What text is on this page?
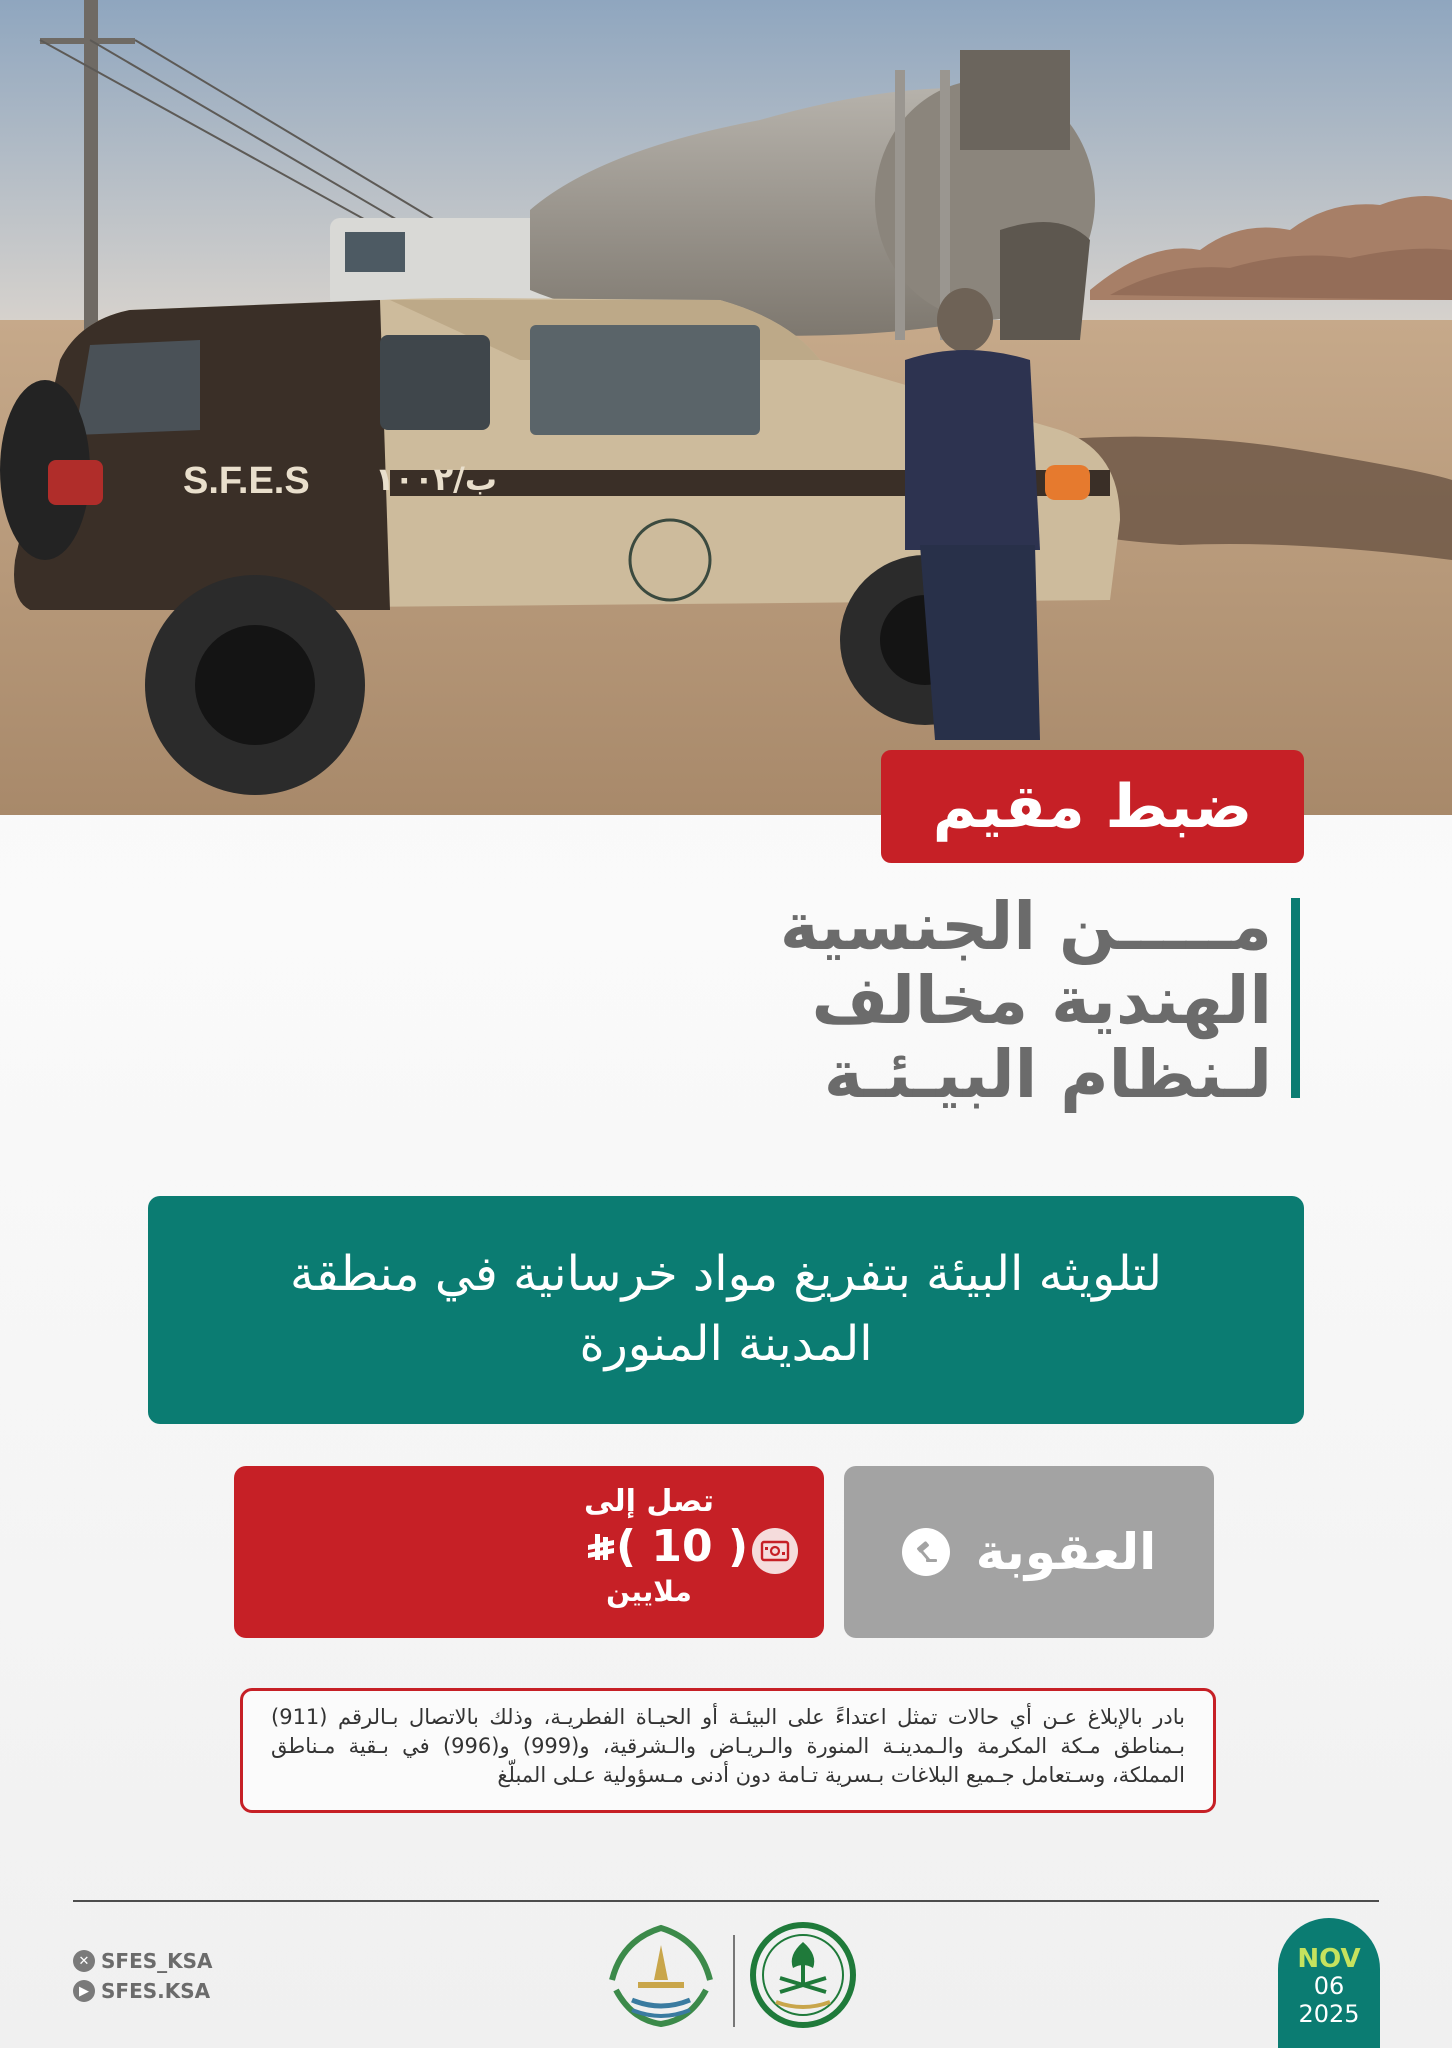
S.F.E.S ب/١٠٠٢
ضبط مقيم
مـــــن الجنسية
الهندية مخالف
لـنظام البيـئـة
لتلويثه البيئة بتفريغ مواد خرسانية في منطقة المدينة المنورة
العقوبة
تصل إلى
( 10 )
ملايين
بادر بالإبلاغ عـن أي حالات تمثل اعتداءً على البيئـة أو الحيـاة الفطريـة، وذلك بالاتصال بـالرقم (911) بـمناطق مـكة المكرمة والـمدينـة المنورة والـريـاض والـشرقية، و(999) و(996) في بـقية مـناطق المملكة، وسـتعامل جـميع البلاغات بـسرية تـامة دون أدنى مـسؤولية عـلى المبلّغ
✕ SFES_KSA
▶ SFES.KSA
NOV
06
2025
